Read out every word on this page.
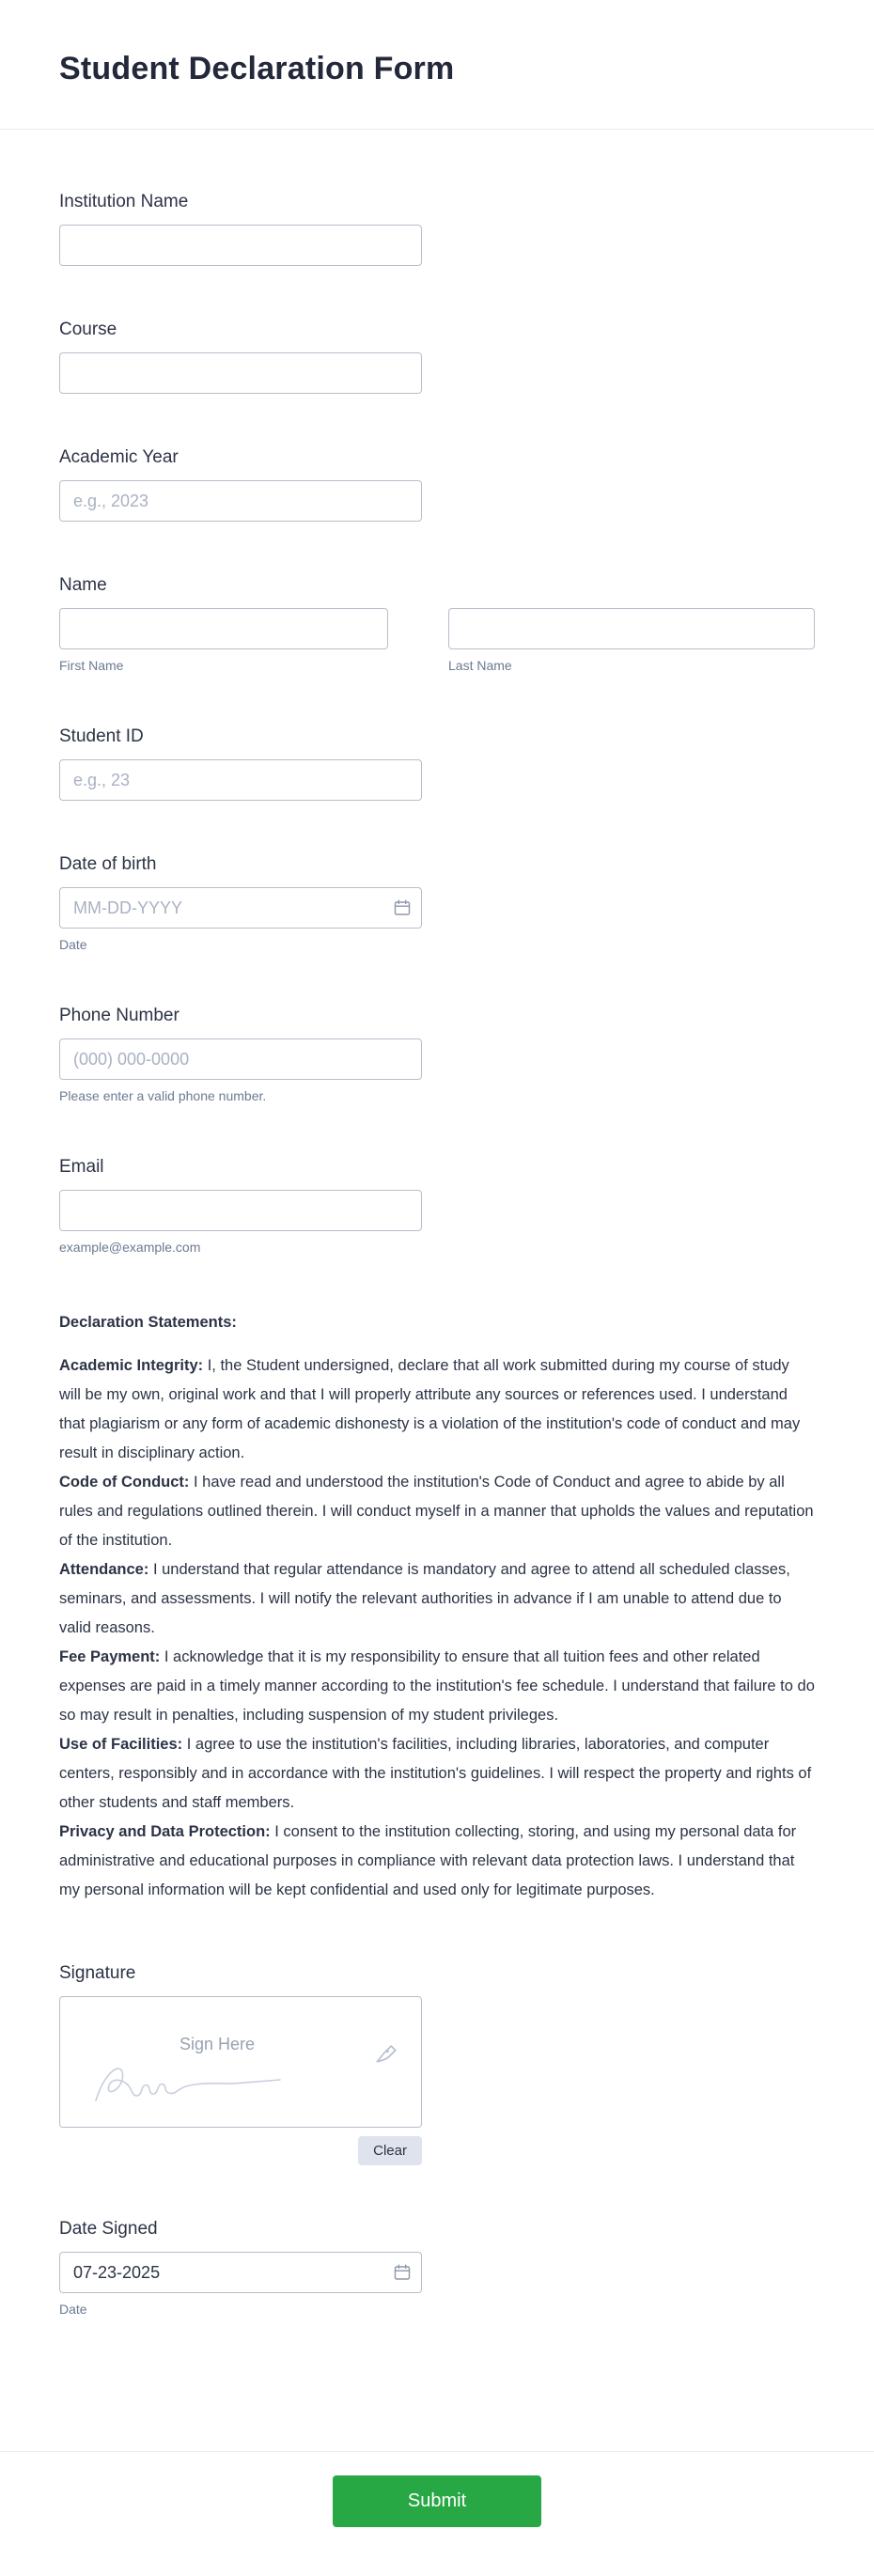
Student Declaration Form
Institution Name
Course
Academic Year
e.g., 2023
Name
First Name	Last Name
Student ID
e.g., 23
Date of birth
MM-DD-YYYY
Date
Phone Number
(000) 000-0000
Please enter a valid phone number.
Email
example@example.com

Declaration Statements:

Academic Integrity: I, the Student undersigned, declare that all work submitted during my course of study will be my own, original work and that I will properly attribute any sources or references used. I understand that plagiarism or any form of academic dishonesty is a violation of the institution's code of conduct and may result in disciplinary action.

Code of Conduct: I have read and understood the institution's Code of Conduct and agree to abide by all rules and regulations outlined therein. I will conduct myself in a manner that upholds the values and reputation of the institution.

Attendance: I understand that regular attendance is mandatory and agree to attend all scheduled classes, seminars, and assessments. I will notify the relevant authorities in advance if I am unable to attend due to valid reasons.

Fee Payment: I acknowledge that it is my responsibility to ensure that all tuition fees and other related expenses are paid in a timely manner according to the institution's fee schedule. I understand that failure to do so may result in penalties, including suspension of my student privileges.

Use of Facilities: I agree to use the institution's facilities, including libraries, laboratories, and computer centers, responsibly and in accordance with the institution's guidelines. I will respect the property and rights of other students and staff members.

Privacy and Data Protection: I consent to the institution collecting, storing, and using my personal data for administrative and educational purposes in compliance with relevant data protection laws. I understand that my personal information will be kept confidential and used only for legitimate purposes.

Signature
Sign Here
Clear
Date Signed
07-23-2025
Date
Submit
